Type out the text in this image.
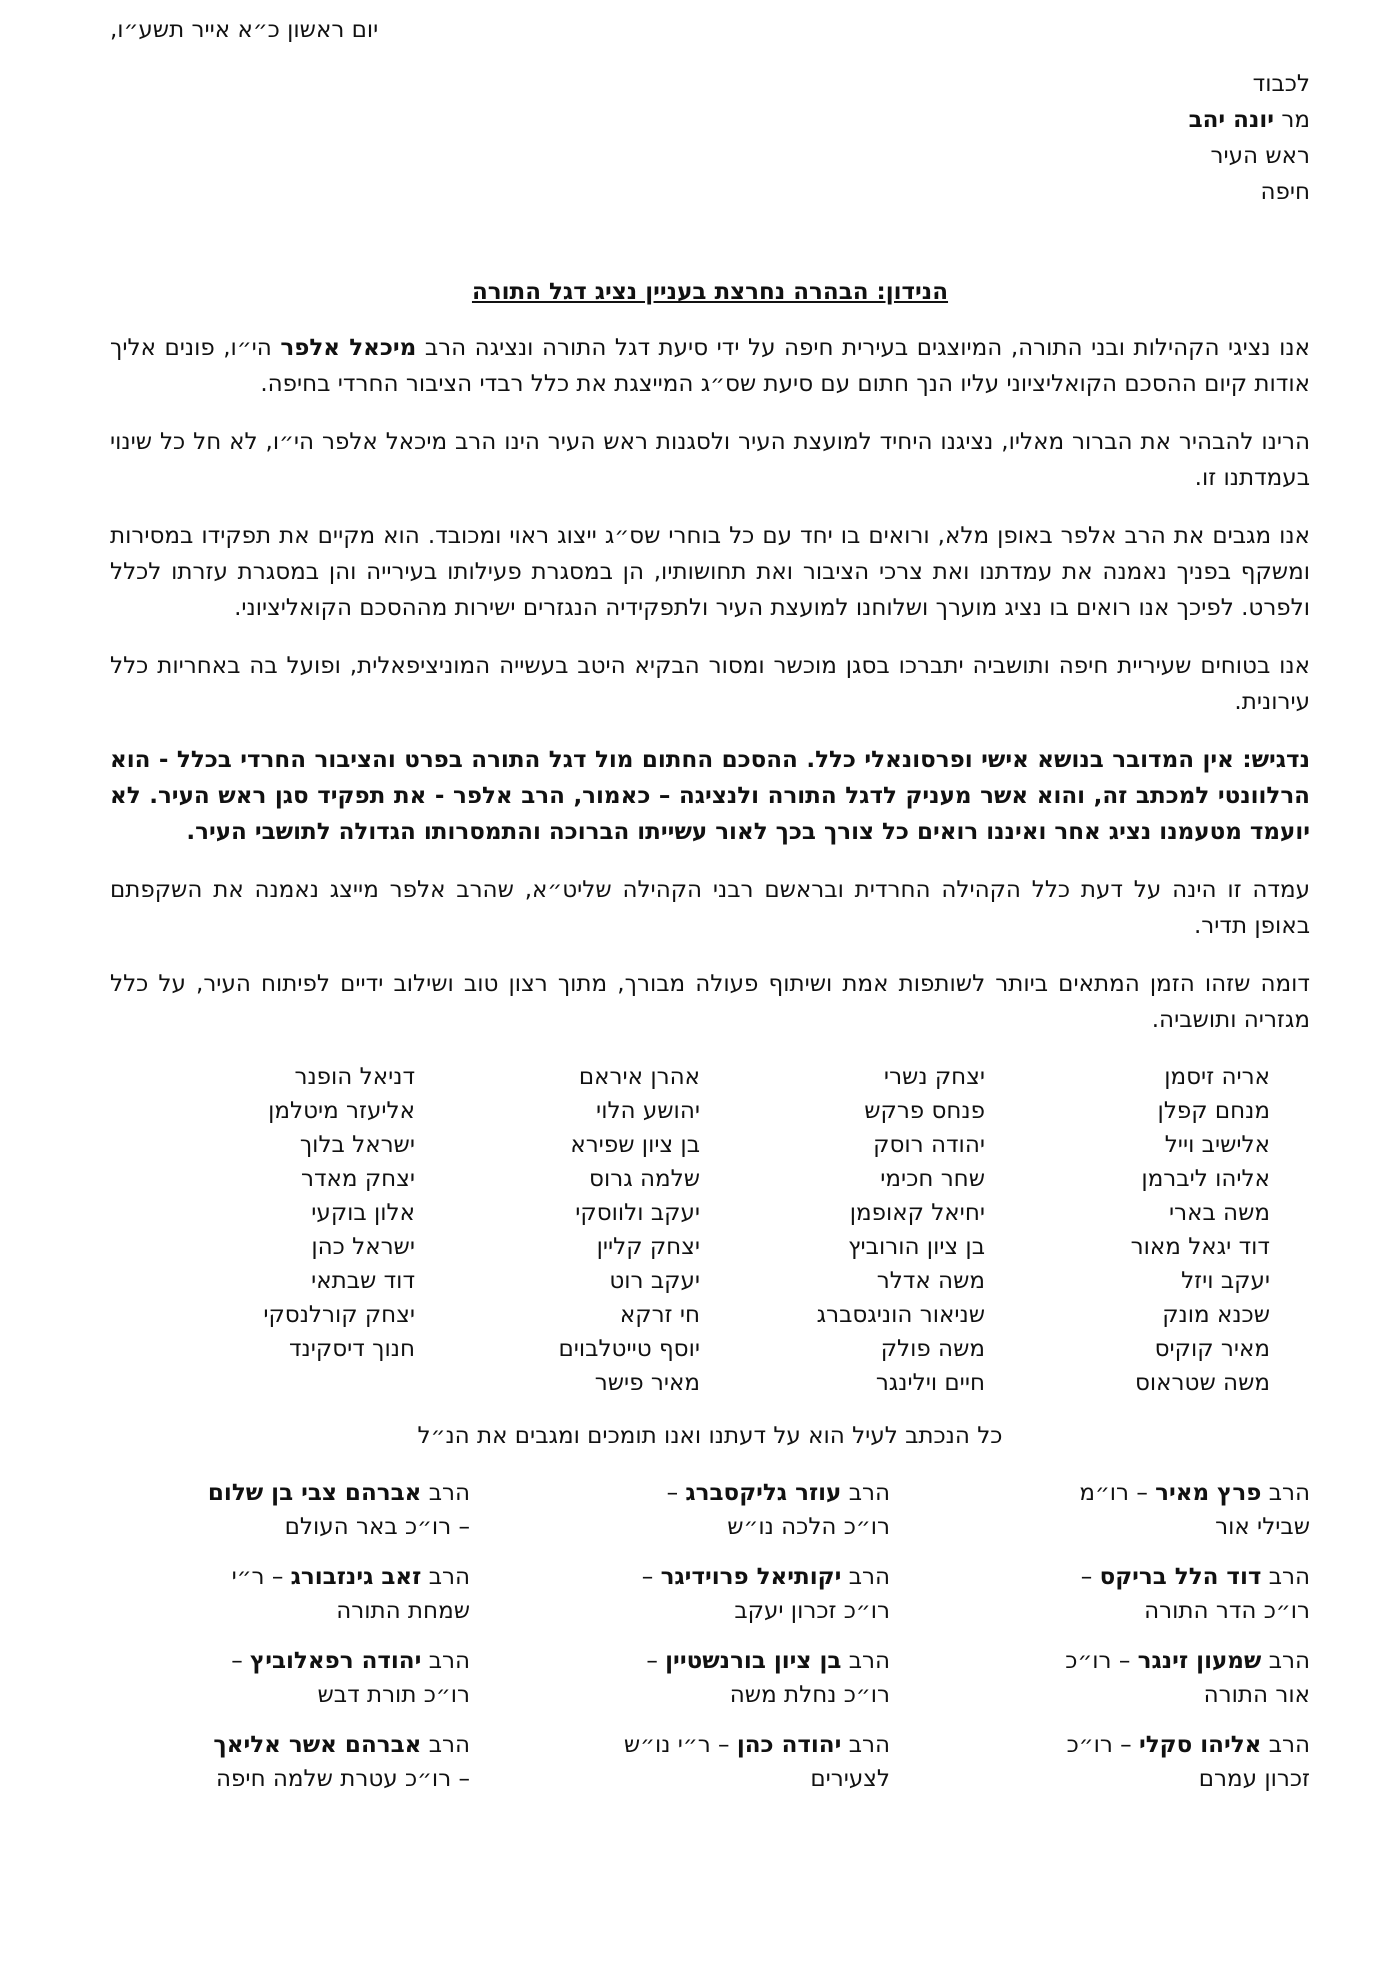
יום ראשון כ״א אייר תשע״ו,
לכבוד
מר יונה יהב
ראש העיר
חיפה
הנידון: הבהרה נחרצת בעניין נציג דגל התורה

אנו נציגי הקהילות ובני התורה, המיוצגים בעירית חיפה על ידי סיעת דגל התורה ונציגה הרב מיכאל אלפר הי״ו, פונים אליך אודות קיום ההסכם הקואליציוני עליו הנך חתום עם סיעת שס״ג המייצגת את כלל רבדי הציבור החרדי בחיפה.

הרינו להבהיר את הברור מאליו, נציגנו היחיד למועצת העיר ולסגנות ראש העיר הינו הרב מיכאל אלפר הי״ו, לא חל כל שינוי בעמדתנו זו.

אנו מגבים את הרב אלפר באופן מלא, ורואים בו יחד עם כל בוחרי שס״ג ייצוג ראוי ומכובד. הוא מקיים את תפקידו במסירות ומשקף בפניך נאמנה את עמדתנו ואת צרכי הציבור ואת תחושותיו, הן במסגרת פעילותו בעירייה והן במסגרת עזרתו לכלל ולפרט. לפיכך אנו רואים בו נציג מוערך ושלוחנו למועצת העיר ולתפקידיה הנגזרים ישירות מההסכם הקואליציוני.

אנו בטוחים שעיריית חיפה ותושביה יתברכו בסגן מוכשר ומסור הבקיא היטב בעשייה המוניציפאלית, ופועל בה באחריות כלל עירונית.

נדגיש: אין המדובר בנושא אישי ופרסונאלי כלל. ההסכם החתום מול דגל התורה בפרט והציבור החרדי בכלל - הוא הרלוונטי למכתב זה, והוא אשר מעניק לדגל התורה ולנציגה – כאמור, הרב אלפר - את תפקיד סגן ראש העיר. לא יועמד מטעמנו נציג אחר ואיננו רואים כל צורך בכך לאור עשייתו הברוכה והתמסרותו הגדולה לתושבי העיר.

עמדה זו הינה על דעת כלל הקהילה החרדית ובראשם רבני הקהילה שליט״א, שהרב אלפר מייצג נאמנה את השקפתם באופן תדיר.

דומה שזהו הזמן המתאים ביותר לשותפות אמת ושיתוף פעולה מבורך, מתוך רצון טוב ושילוב ידיים לפיתוח העיר, על כלל מגזריה ותושביה.

אריה זיסמן
מנחם קפלן
אלישיב וייל
אליהו ליברמן
משה בארי
דוד יגאל מאור
יעקב ויזל
שכנא מונק
מאיר קוקיס
משה שטראוס
יצחק נשרי
פנחס פרקש
יהודה רוסק
שחר חכימי
יחיאל קאופמן
בן ציון הורוביץ
משה אדלר
שניאור הוניגסברג
משה פולק
חיים וילינגר
אהרן איראם
יהושע הלוי
בן ציון שפירא
שלמה גרוס
יעקב ולווסקי
יצחק קליין
יעקב רוט
חי זרקא
יוסף טייטלבוים
מאיר פישר
דניאל הופנר
אליעזר מיטלמן
ישראל בלוך
יצחק מאדר
אלון בוקעי
ישראל כהן
דוד שבתאי
יצחק קורלנסקי
חנוך דיסקינד
כל הנכתב לעיל הוא על דעתנו ואנו תומכים ומגבים את הנ״ל
הרב פרץ מאיר – רו״מ
שבילי אור
הרב עוזר גליקסברג –
רו״כ הלכה נו״ש
הרב אברהם צבי בן שלום
– רו״כ באר העולם
הרב דוד הלל בריקס –
רו״כ הדר התורה
הרב יקותיאל פרוידיגר –
רו״כ זכרון יעקב
הרב זאב גינזבורג – ר״י
שמחת התורה
הרב שמעון זינגר – רו״כ
אור התורה
הרב בן ציון בורנשטיין –
רו״כ נחלת משה
הרב יהודה רפאלוביץ –
רו״כ תורת דבש
הרב אליהו סקלי – רו״כ
זכרון עמרם
הרב יהודה כהן – ר״י נו״ש
לצעירים
הרב אברהם אשר אליאך
– רו״כ עטרת שלמה חיפה
